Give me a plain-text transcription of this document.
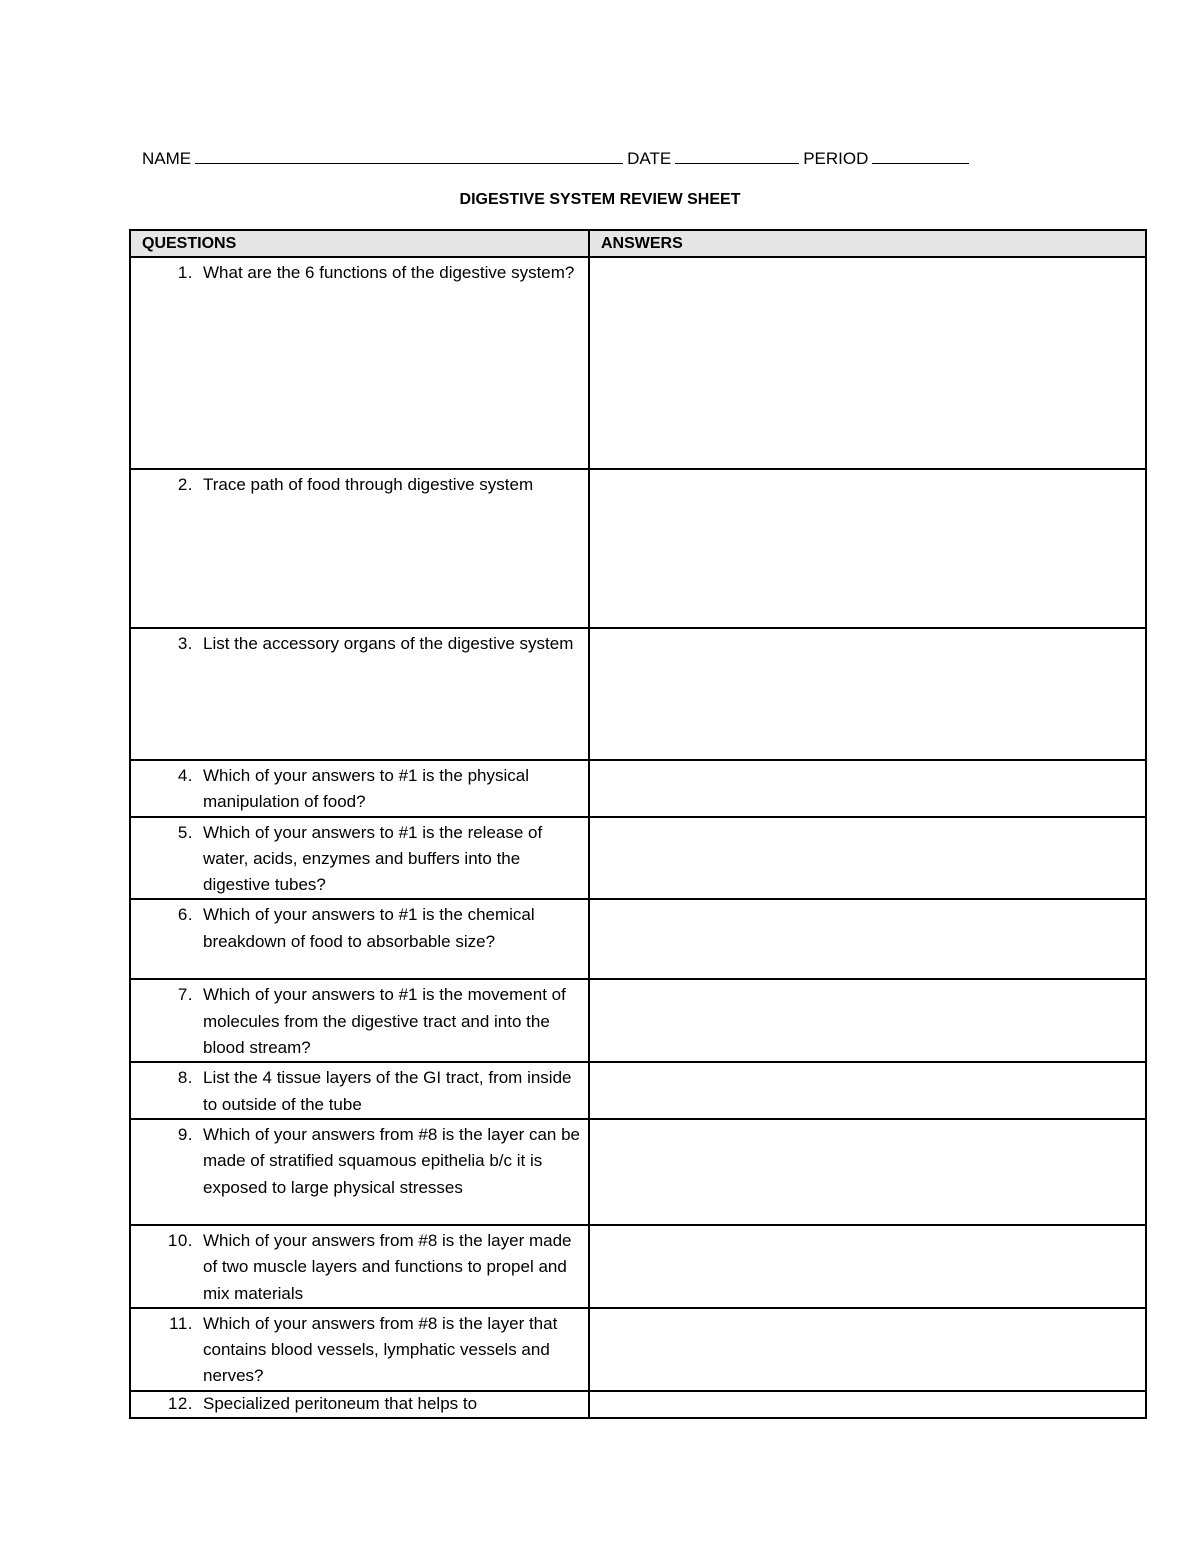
NAME	DATE	PERIOD
DIGESTIVE SYSTEM REVIEW SHEET
QUESTIONS	ANSWERS

1. What are the 6 functions of the digestive system?	

2. Trace path of food through digestive system	

3. List the accessory organs of the digestive system	

4. Which of your answers to #1 is the physical manipulation of food?	

5. Which of your answers to #1 is the release of water, acids, enzymes and buffers into the digestive tubes?	

6. Which of your answers to #1 is the chemical breakdown of food to absorbable size?	

7. Which of your answers to #1 is the movement of molecules from the digestive tract and into the blood stream?	

8. List the 4 tissue layers of the GI tract, from inside to outside of the tube	

9. Which of your answers from #8 is the layer can be made of stratified squamous epithelia b/c it is exposed to large physical stresses	

10. Which of your answers from #8 is the layer made of two muscle layers and functions to propel and mix materials	

11. Which of your answers from #8 is the layer that contains blood vessels, lymphatic vessels and nerves?	

12. Specialized peritoneum that helps to	
